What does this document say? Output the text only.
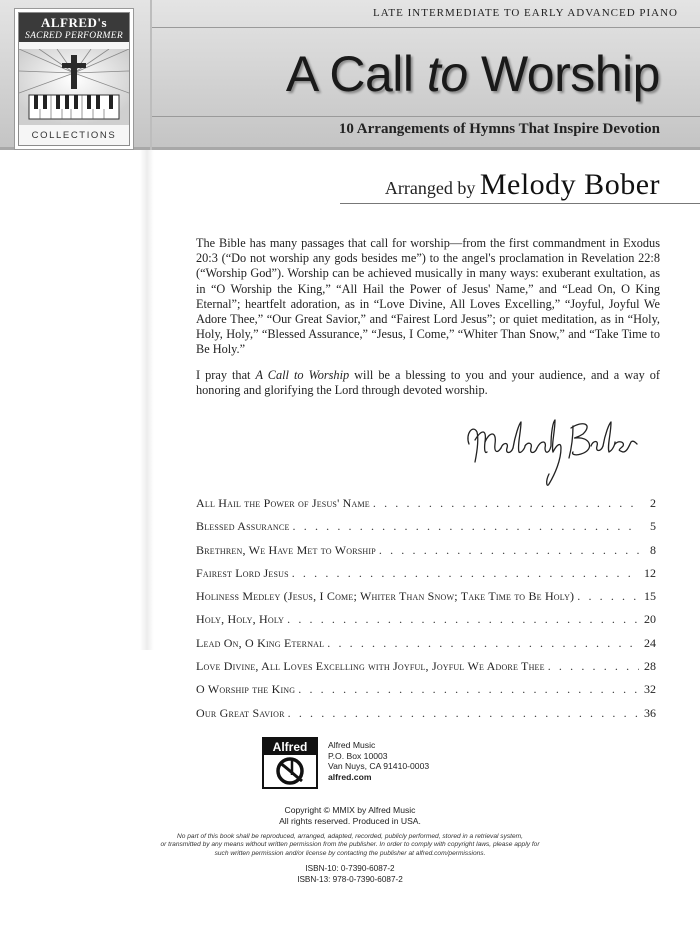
ALFRED's
SACRED PERFORMER
COLLECTIONS
LATE INTERMEDIATE TO EARLY ADVANCED PIANO
A Call to Worship
10 Arrangements of Hymns That Inspire Devotion
Arranged by Melody Bober

The Bible has many passages that call for worship—from the first commandment in Exodus 20:3 (“Do not worship any gods besides me”) to the angel's proclamation in Revelation 22:8 (“Worship God”). Worship can be achieved musically in many ways: exuberant exultation, as in “O Worship the King,” “All Hail the Power of Jesus' Name,” and “Lead On, O King Eternal”; heartfelt adoration, as in “Love Divine, All Loves Excelling,” “Joyful, Joyful We Adore Thee,” “Our Great Savior,” and “Fairest Lord Jesus”; or quiet meditation, as in “Holy, Holy, Holy,” “Blessed Assurance,” “Jesus, I Come,” “Whiter Than Snow,” and “Take Time to Be Holy.”

I pray that A Call to Worship will be a blessing to you and your audience, and a way of honoring and glorifying the Lord through devoted worship.

All Hail the Power of Jesus' Name . . .	2
Blessed Assurance . . .	5
Brethren, We Have Met to Worship . . .	8
Fairest Lord Jesus . . .	12
Holiness Medley (Jesus, I Come; Whiter Than Snow; Take Time to Be Holy) . . .	15
Holy, Holy, Holy . . .	20
Lead On, O King Eternal . . .	24
Love Divine, All Loves Excelling with Joyful, Joyful We Adore Thee . . .	28
O Worship the King . . .	32
Our Great Savior . . .	36
Alfred Alfred Music
P.O. Box 10003
Van Nuys, CA 91410-0003
alfred.com
Copyright © MMIX by Alfred Music
All rights reserved. Produced in USA.
No part of this book shall be reproduced, arranged, adapted, recorded, publicly performed, stored in a retrieval system,
or transmitted by any means without written permission from the publisher. In order to comply with copyright laws, please apply for
such written permission and/or license by contacting the publisher at alfred.com/permissions.
ISBN-10: 0-7390-6087-2
ISBN-13: 978-0-7390-6087-2
